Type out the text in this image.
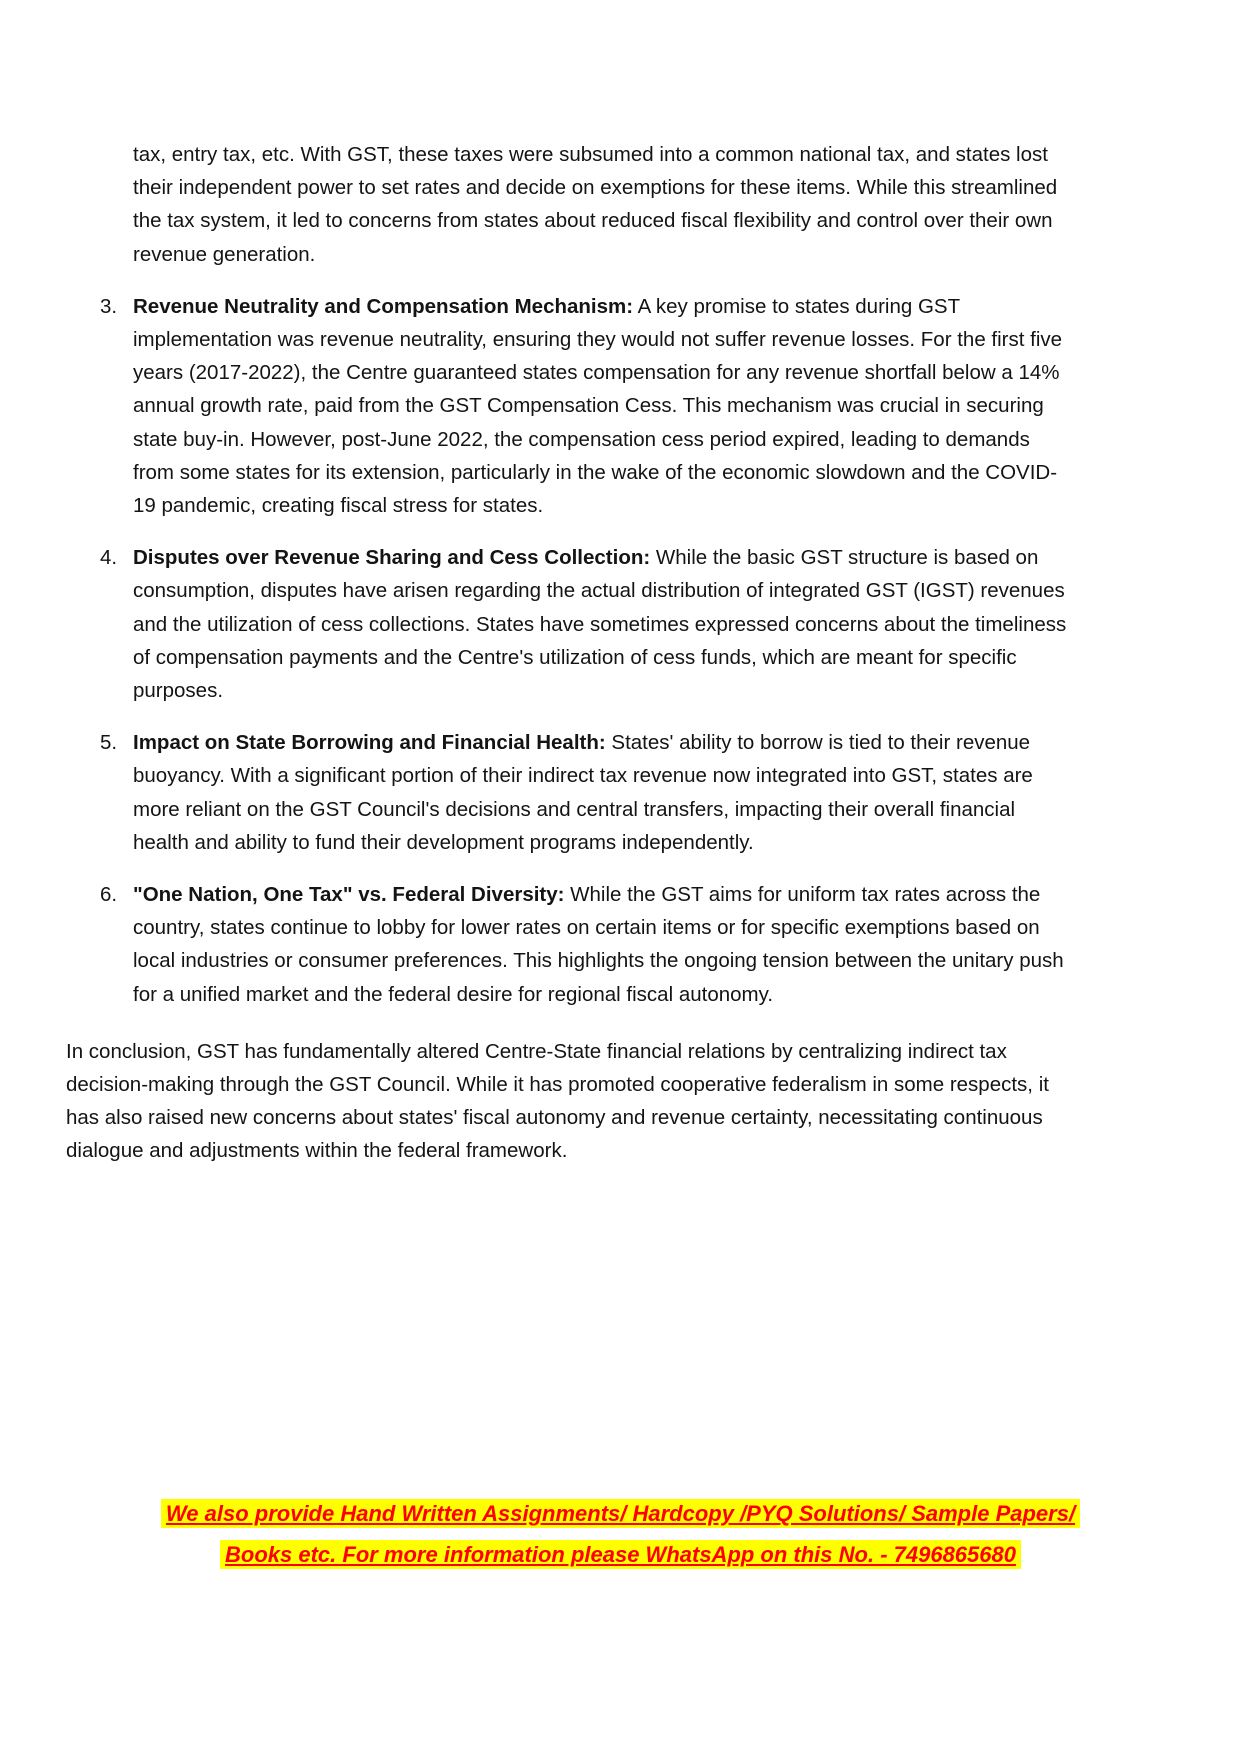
tax, entry tax, etc. With GST, these taxes were subsumed into a common national tax, and states lost their independent power to set rates and decide on exemptions for these items. While this streamlined the tax system, it led to concerns from states about reduced fiscal flexibility and control over their own revenue generation.

3. Revenue Neutrality and Compensation Mechanism: A key promise to states during GST implementation was revenue neutrality, ensuring they would not suffer revenue losses. For the first five years (2017-2022), the Centre guaranteed states compensation for any revenue shortfall below a 14% annual growth rate, paid from the GST Compensation Cess. This mechanism was crucial in securing state buy-in. However, post-June 2022, the compensation cess period expired, leading to demands from some states for its extension, particularly in the wake of the economic slowdown and the COVID-19 pandemic, creating fiscal stress for states.
4. Disputes over Revenue Sharing and Cess Collection: While the basic GST structure is based on consumption, disputes have arisen regarding the actual distribution of integrated GST (IGST) revenues and the utilization of cess collections. States have sometimes expressed concerns about the timeliness of compensation payments and the Centre's utilization of cess funds, which are meant for specific purposes.
5. Impact on State Borrowing and Financial Health: States' ability to borrow is tied to their revenue buoyancy. With a significant portion of their indirect tax revenue now integrated into GST, states are more reliant on the GST Council's decisions and central transfers, impacting their overall financial health and ability to fund their development programs independently.
6. "One Nation, One Tax" vs. Federal Diversity: While the GST aims for uniform tax rates across the country, states continue to lobby for lower rates on certain items or for specific exemptions based on local industries or consumer preferences. This highlights the ongoing tension between the unitary push for a unified market and the federal desire for regional fiscal autonomy.

In conclusion, GST has fundamentally altered Centre-State financial relations by centralizing indirect tax decision-making through the GST Council. While it has promoted cooperative federalism in some respects, it has also raised new concerns about states' fiscal autonomy and revenue certainty, necessitating continuous dialogue and adjustments within the federal framework.

We also provide Hand Written Assignments/ Hardcopy /PYQ Solutions/ Sample Papers/
Books etc. For more information please WhatsApp on this No. - 7496865680
